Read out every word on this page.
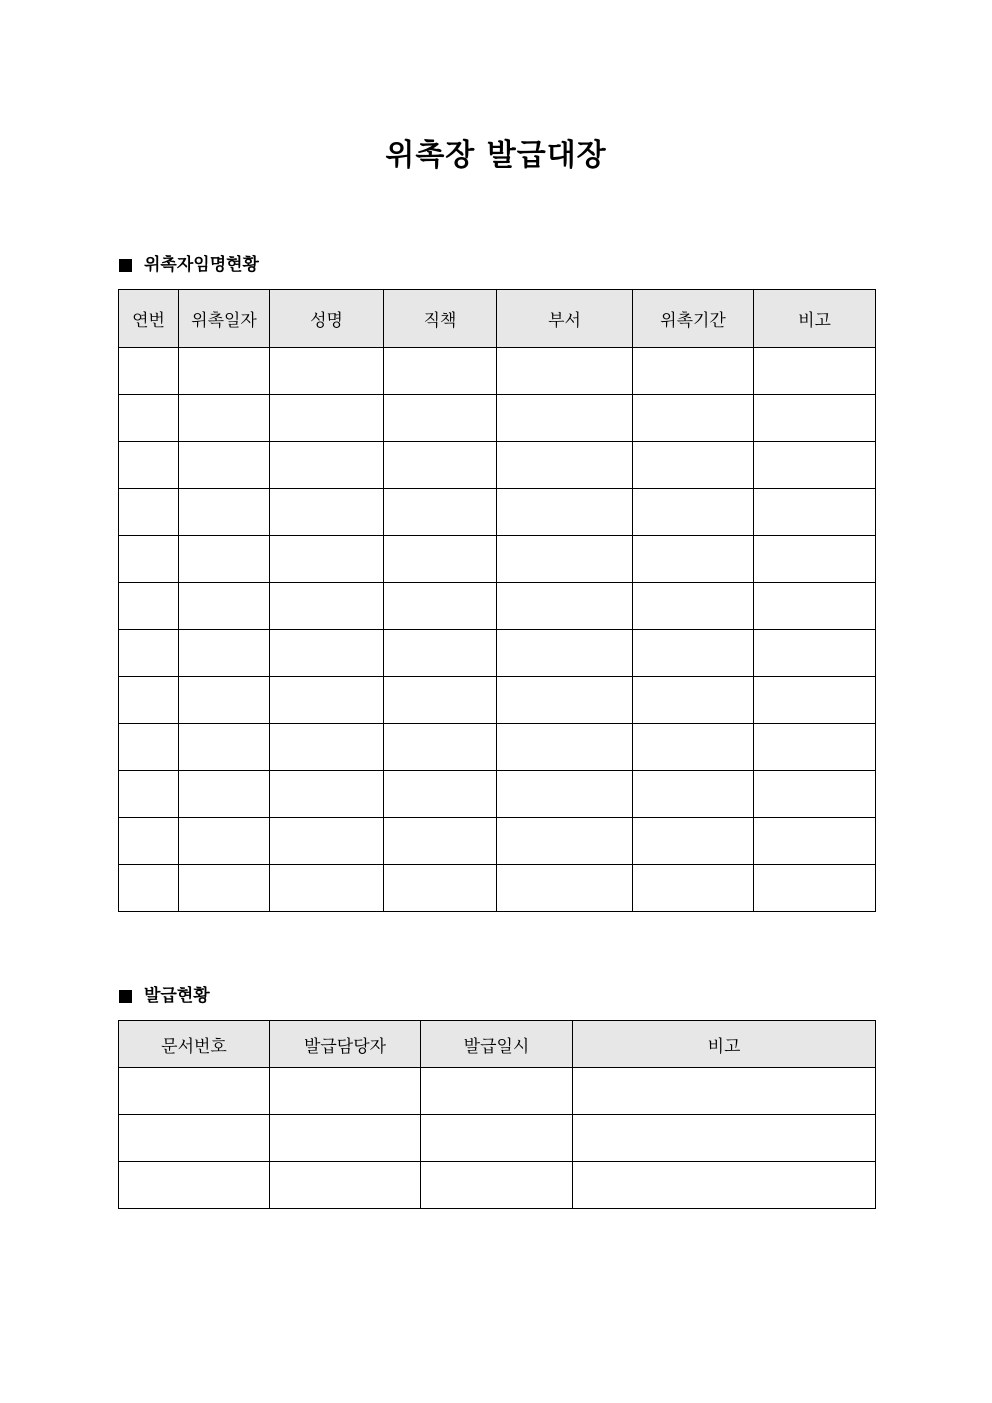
위촉장 발급대장
위촉자임명현황
연번	위촉일자	성명	직책	부서	위촉기간	비고

발급현황
문서번호	발급담당자	발급일시	비고
